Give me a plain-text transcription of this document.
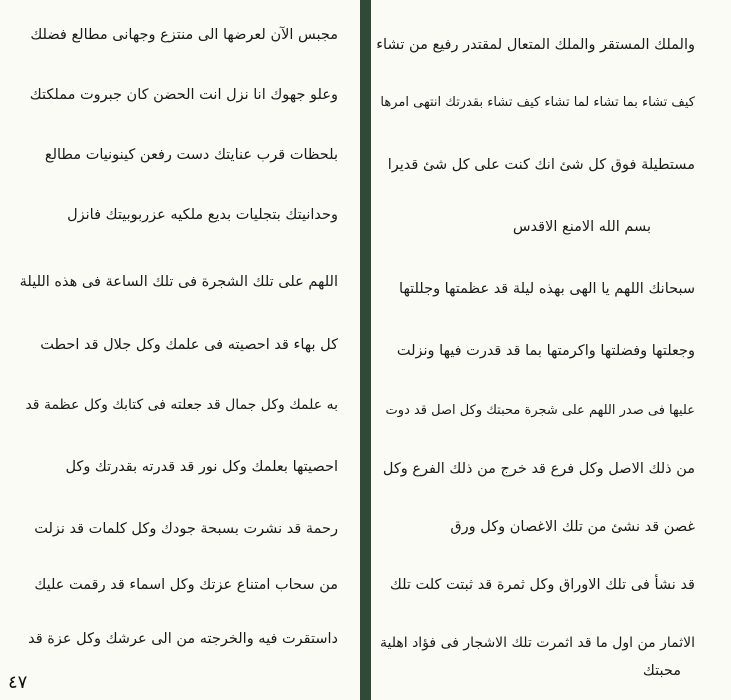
مجبس الآن لعرضها الى منتزع وجهانى مطالع فضلك
وعلو جهوك انا نزل انت الحضن كان جبروت مملكتك
بلحظات قرب عنايتك دست رفعن كينونيات مطالع
وحدانيتك بتجليات بديع ملكيه عزربوبيتك فانزل
اللهم على تلك الشجرة فى تلك الساعة فى هذه الليلة
كل بهاء قد احصيته فى علمك وكل جلال قد احطت
به علمك وكل جمال قد جعلته فى كتابك وكل عظمة قد
احصيتها بعلمك وكل نور قد قدرته بقدرتك وكل
رحمة قد نشرت بسبحة جودك وكل كلمات قد نزلت
من سحاب امتناع عزتك وكل اسماء قد رقمت عليك
داستقرت فيه والخرجته من الى عرشك وكل عزة قد
٤٧
والملك المستقر والملك المتعال لمقتدر رفيع من تشاء
كيف تشاء بما تشاء لما تشاء كيف تشاء بقدرتك انتهى امرها
مستطيلة فوق كل شئ انك كنت على كل شئ قديرا
بسم الله الامنع الاقدس
سبحانك اللهم يا الهى بهذه ليلة قد عظمتها وجللتها
وجعلتها وفضلتها واكرمتها بما قد قدرت فيها ونزلت
عليها فى صدر اللهم على شجرة محبتك وكل اصل قد دوت
من ذلك الاصل وكل فرع قد خرج من ذلك الفرع وكل
غصن قد نشئ من تلك الاغصان وكل ورق
قد نشأ فى تلك الاوراق وكل ثمرة قد ثبتت كلت تلك
الاثمار من اول ما قد اثمرت تلك الاشجار فى فؤاد اهلية
محبتك
